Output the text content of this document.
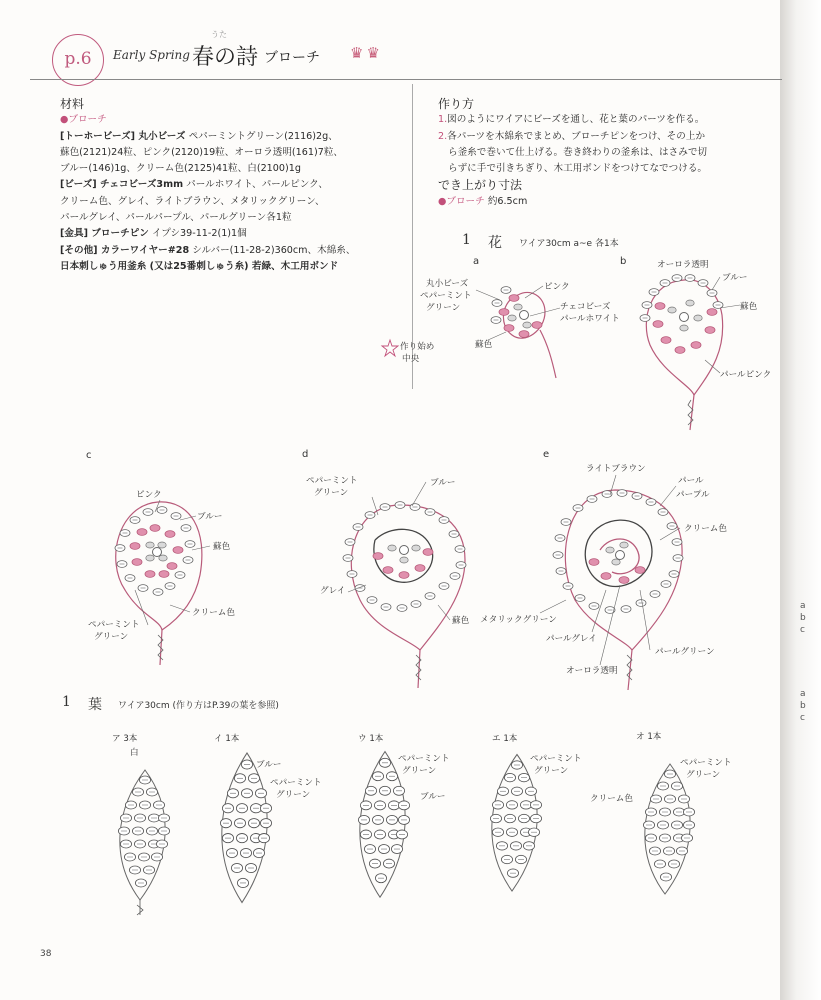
a
b
c
a
b
c
p.6	Early Spring
うた
春の詩 ブローチ ♛♛
材料
●ブローチ
[トーホービーズ] 丸小ビーズ ペパーミントグリーン(2116)2g、
蘇色(2121)24粒、ピンク(2120)19粒、オーロラ透明(161)7粒、
ブルー(146)1g、クリーム色(2125)41粒、白(2100)1g
[ビーズ] チェコビーズ3mm パールホワイト、パールピンク、
クリーム色、グレイ、ライトブラウン、メタリックグリーン、
パールグレイ、パールパープル、パールグリーン各1粒
[金具] ブローチピン イプシ39-11-2(1)1個
[その他] カラーワイヤー#28 シルバー(11-28-2)360cm、木綿糸、
日本刺しゅう用釜糸 (又は25番刺しゅう糸) 若緑、木工用ボンド
作り方
1.図のようにワイアにビーズを通し、花と葉のパーツを作る。
2.各パーツを木綿糸でまとめ、ブローチピンをつけ、その上か
ら釜糸で巻いて仕上げる。巻き終わりの釜糸は、はさみで切
らずに手で引きちぎり、木工用ボンドをつけてなでつける。
でき上がり寸法
●ブローチ 約6.5cm
1 花 ワイア30cm a~e 各1本
a
丸小ビーズ
ペパーミント
グリーン
ピンク
チェコビーズ
パールホワイト
蘇色
作り始め
中央
b	オーロラ透明
ブルー
蘇色
パールピンク
c
ピンク
ブルー
蘇色
クリーム色
ペパーミント
グリーン
d
ペパーミント
グリーン
ブルー
グレイ
蘇色
e
ライトブラウン
パール
パープル
クリーム色
メタリックグリーン
パールグレイ
パールグリーン
オーロラ透明
1 葉 ワイア30cm (作り方はP.39の葉を参照)
ア 3本
白
イ 1本
ブルー
ペパーミント
グリーン
ウ 1本
ペパーミント
グリーン
ブルー
エ 1本
ペパーミント
グリーン
オ 1本
ペパーミント
グリーン
クリーム色
38
